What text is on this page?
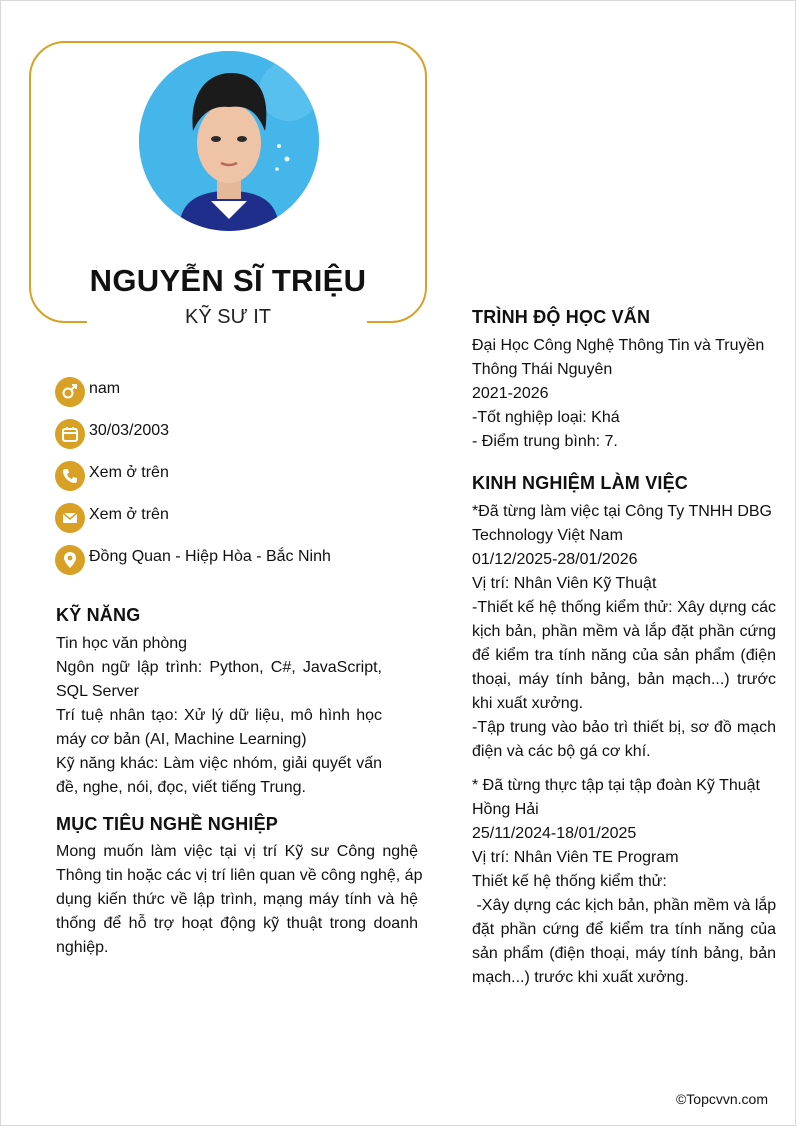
NGUYỄN SĨ TRIỆU
KỸ SƯ IT
nam
30/03/2003
Xem ở trên
Xem ở trên
Đồng Quan - Hiệp Hòa - Bắc Ninh
KỸ NĂNG
Tin học văn phòng
Ngôn ngữ lập trình: Python, C#, JavaScript,
SQL Server
Trí tuệ nhân tạo: Xử lý dữ liệu, mô hình học
máy cơ bản (AI, Machine Learning)
Kỹ năng khác: Làm việc nhóm, giải quyết vấn
đề, nghe, nói, đọc, viết tiếng Trung.
MỤC TIÊU NGHỀ NGHIỆP
Mong muốn làm việc tại vị trí Kỹ sư Công nghệ
Thông tin hoặc các vị trí liên quan về công nghệ, áp
dụng kiến thức về lập trình, mạng máy tính và hệ
thống để hỗ trợ hoạt động kỹ thuật trong doanh
nghiệp.
TRÌNH ĐỘ HỌC VẤN
Đại Học Công Nghệ Thông Tin và Truyền
Thông Thái Nguyên
2021-2026
-Tốt nghiệp loại: Khá
- Điểm trung bình: 7.
KINH NGHIỆM LÀM VIỆC
*Đã từng làm việc tại Công Ty TNHH DBG
Technology Việt Nam
01/12/2025-28/01/2026
Vị trí: Nhân Viên Kỹ Thuật
-Thiết kế hệ thống kiểm thử: Xây dựng các
kịch bản, phần mềm và lắp đặt phần cứng
để kiểm tra tính năng của sản phẩm (điện
thoại, máy tính bảng, bản mạch...) trước
khi xuất xưởng.
-Tập trung vào bảo trì thiết bị, sơ đồ mạch
điện và các bộ gá cơ khí.
* Đã từng thực tập tại tập đoàn Kỹ Thuật
Hồng Hải
25/11/2024-18/01/2025
Vị trí: Nhân Viên TE Program
Thiết kế hệ thống kiểm thử:
-Xây dựng các kịch bản, phần mềm và lắp
đặt phần cứng để kiểm tra tính năng của
sản phẩm (điện thoại, máy tính bảng, bản
mạch...) trước khi xuất xưởng.
©Topcvvn.com
